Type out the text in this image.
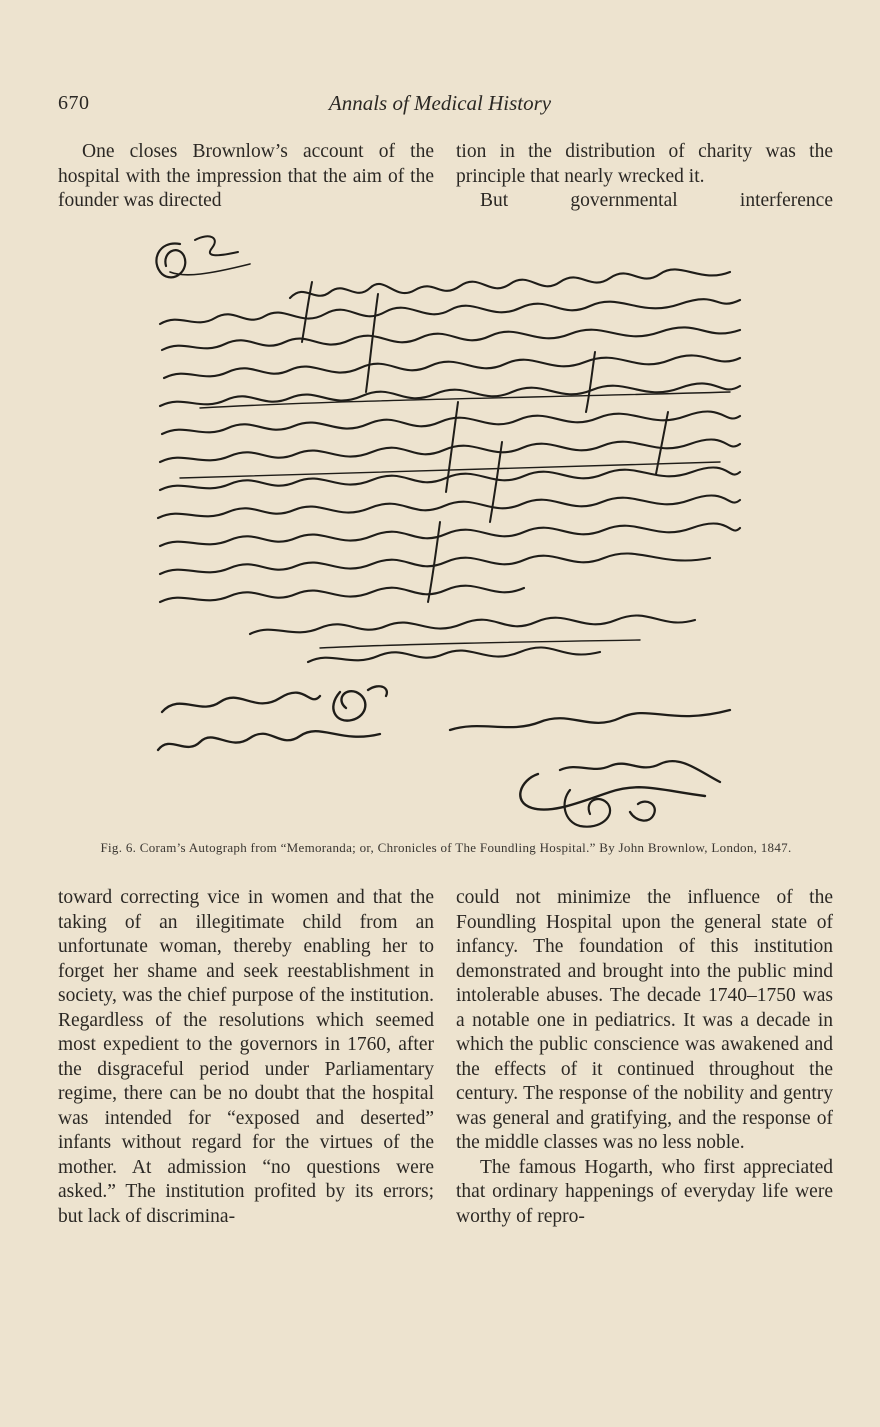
670	Annals of Medical History

One closes Brownlow’s account of the hospital with the impression that the aim of the founder was directed

tion in the distribution of charity was the principle that nearly wrecked it.

But governmental interference

Fig. 6. Coram’s Autograph from “Memoranda; or, Chronicles of The Foundling Hospital.” By John Brownlow, London, 1847.

toward correcting vice in women and that the taking of an illegitimate child from an unfortunate woman, thereby enabling her to forget her shame and seek reestablishment in society, was the chief purpose of the institution. Regardless of the resolutions which seemed most expedient to the governors in 1760, after the disgraceful period under Parliamentary regime, there can be no doubt that the hospital was intended for “exposed and deserted” infants without regard for the virtues of the mother. At admission “no questions were asked.” The institution profited by its errors; but lack of discrimina-

could not minimize the influence of the Foundling Hospital upon the general state of infancy. The foundation of this institution demonstrated and brought into the public mind intolerable abuses. The decade 1740–1750 was a notable one in pediatrics. It was a decade in which the public conscience was awakened and the effects of it continued throughout the century. The response of the nobility and gentry was general and gratifying, and the response of the middle classes was no less noble.

The famous Hogarth, who first appreciated that ordinary happenings of everyday life were worthy of repro-
